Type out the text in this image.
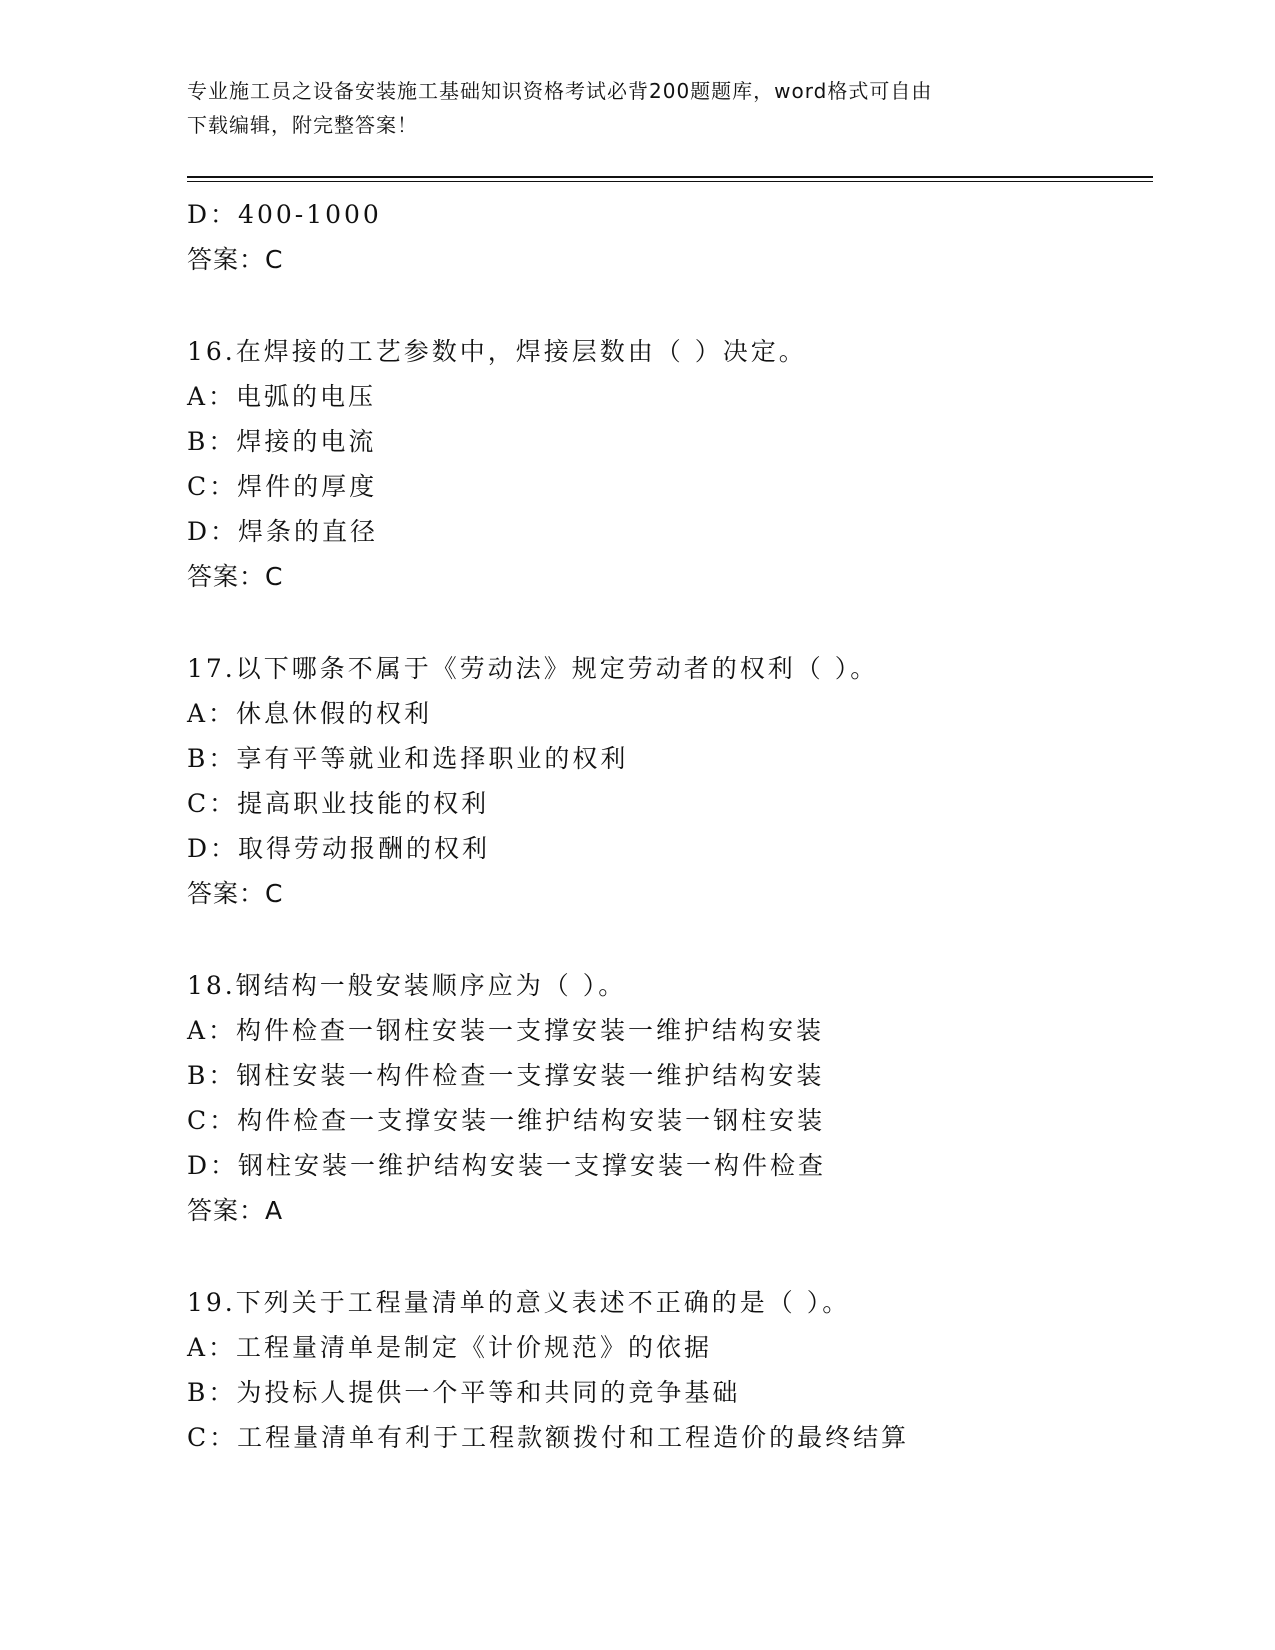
专业施工员之设备安装施工基础知识资格考试必背200题题库，word格式可自由
下载编辑，附完整答案！
D：400-1000
答案：C
16.在焊接的工艺参数中，焊接层数由（ ）决定。
A：电弧的电压
B：焊接的电流
C：焊件的厚度
D：焊条的直径
答案：C
17.以下哪条不属于《劳动法》规定劳动者的权利（ ）。
A：休息休假的权利
B：享有平等就业和选择职业的权利
C：提高职业技能的权利
D：取得劳动报酬的权利
答案：C
18.钢结构一般安装顺序应为（ ）。
A：构件检查一钢柱安装一支撑安装一维护结构安装
B：钢柱安装一构件检查一支撑安装一维护结构安装
C：构件检查一支撑安装一维护结构安装一钢柱安装
D：钢柱安装一维护结构安装一支撑安装一构件检查
答案：A
19.下列关于工程量清单的意义表述不正确的是（ ）。
A：工程量清单是制定《计价规范》的依据
B：为投标人提供一个平等和共同的竞争基础
C：工程量清单有利于工程款额拨付和工程造价的最终结算
